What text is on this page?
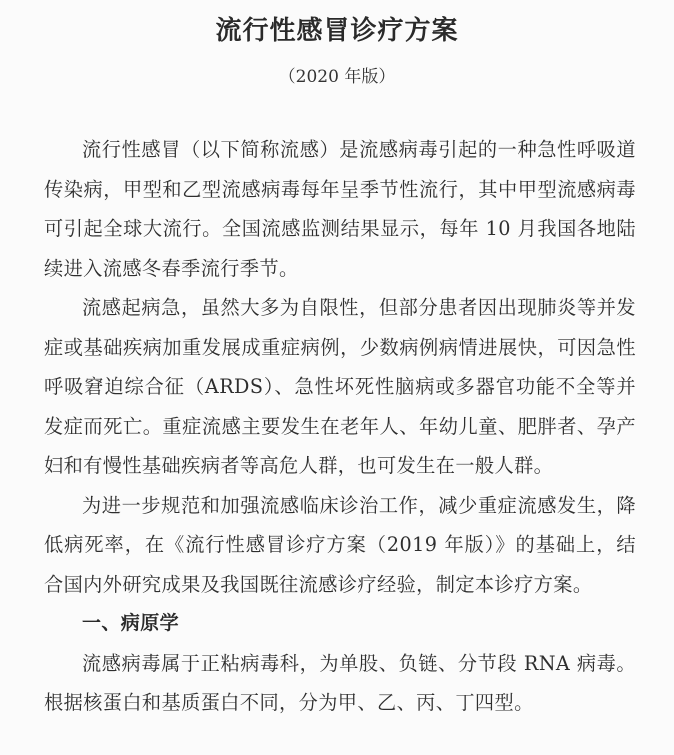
流行性感冒诊疗方案
（2020 年版）

流行性感冒（以下简称流感）是流感病毒引起的一种急性呼吸道传染病，甲型和乙型流感病毒每年呈季节性流行，其中甲型流感病毒可引起全球大流行。全国流感监测结果显示，每年 10 月我国各地陆续进入流感冬春季流行季节。

流感起病急，虽然大多为自限性，但部分患者因出现肺炎等并发症或基础疾病加重发展成重症病例，少数病例病情进展快，可因急性呼吸窘迫综合征（ARDS）、急性坏死性脑病或多器官功能不全等并发症而死亡。重症流感主要发生在老年人、年幼儿童、肥胖者、孕产妇和有慢性基础疾病者等高危人群，也可发生在一般人群。

为进一步规范和加强流感临床诊治工作，减少重症流感发生，降低病死率，在《流行性感冒诊疗方案（2019 年版）》的基础上，结合国内外研究成果及我国既往流感诊疗经验，制定本诊疗方案。

一、病原学

流感病毒属于正粘病毒科，为单股、负链、分节段 RNA 病毒。根据核蛋白和基质蛋白不同，分为甲、乙、丙、丁四型。
